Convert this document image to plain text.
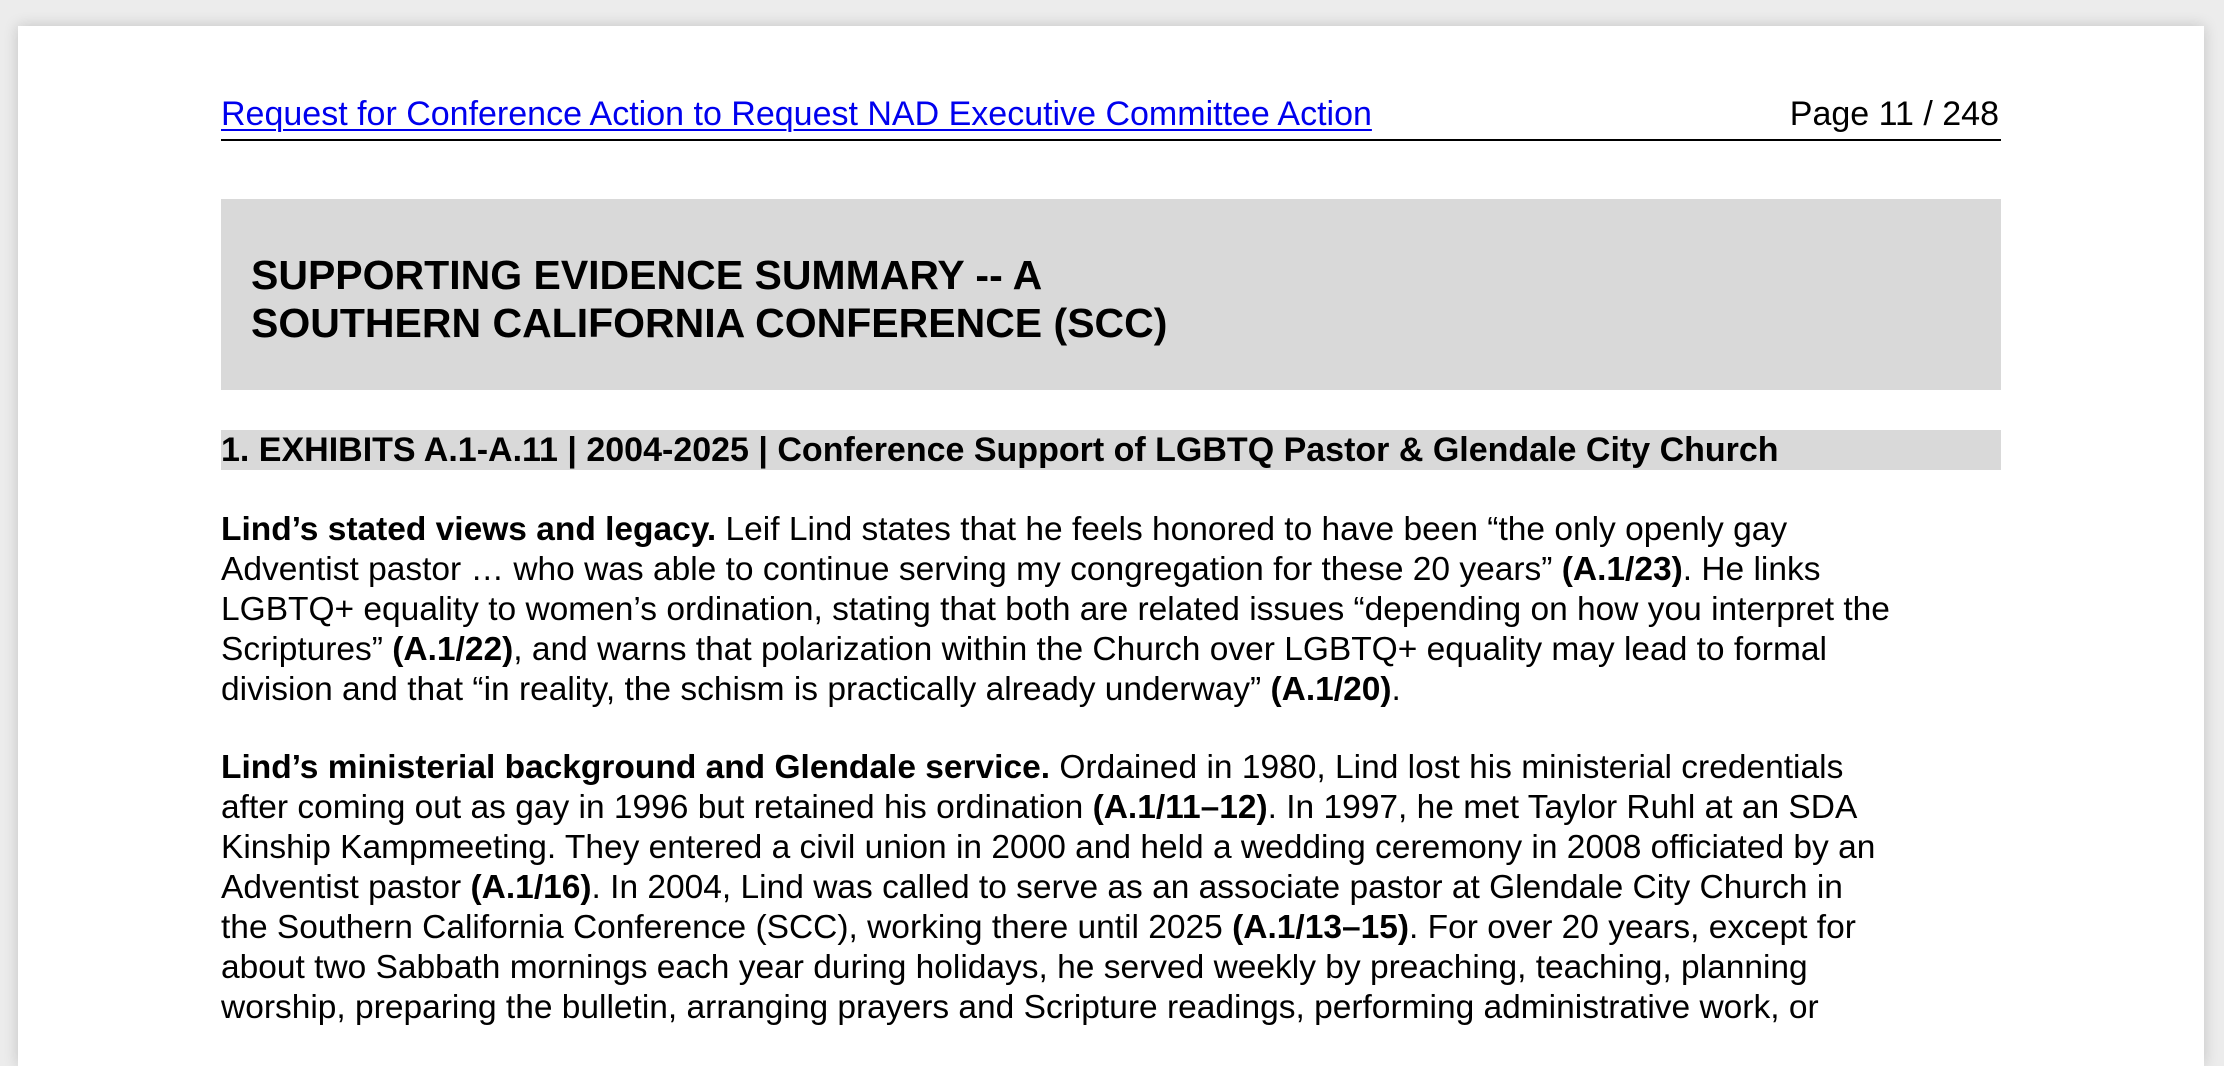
Request for Conference Action to Request NAD Executive Committee Action	Page 11 / 248
SUPPORTING EVIDENCE SUMMARY -- A
SOUTHERN CALIFORNIA CONFERENCE (SCC)
1. EXHIBITS A.1-A.11 | 2004-2025 | Conference Support of LGBTQ Pastor & Glendale City Church
Lind’s stated views and legacy. Leif Lind states that he feels honored to have been “the only openly gay
Adventist pastor … who was able to continue serving my congregation for these 20 years” (A.1/23). He links
LGBTQ+ equality to women’s ordination, stating that both are related issues “depending on how you interpret the
Scriptures” (A.1/22), and warns that polarization within the Church over LGBTQ+ equality may lead to formal
division and that “in reality, the schism is practically already underway” (A.1/20).
Lind’s ministerial background and Glendale service. Ordained in 1980, Lind lost his ministerial credentials
after coming out as gay in 1996 but retained his ordination (A.1/11–12). In 1997, he met Taylor Ruhl at an SDA
Kinship Kampmeeting. They entered a civil union in 2000 and held a wedding ceremony in 2008 officiated by an
Adventist pastor (A.1/16). In 2004, Lind was called to serve as an associate pastor at Glendale City Church in
the Southern California Conference (SCC), working there until 2025 (A.1/13–15). For over 20 years, except for
about two Sabbath mornings each year during holidays, he served weekly by preaching, teaching, planning
worship, preparing the bulletin, arranging prayers and Scripture readings, performing administrative work, or
